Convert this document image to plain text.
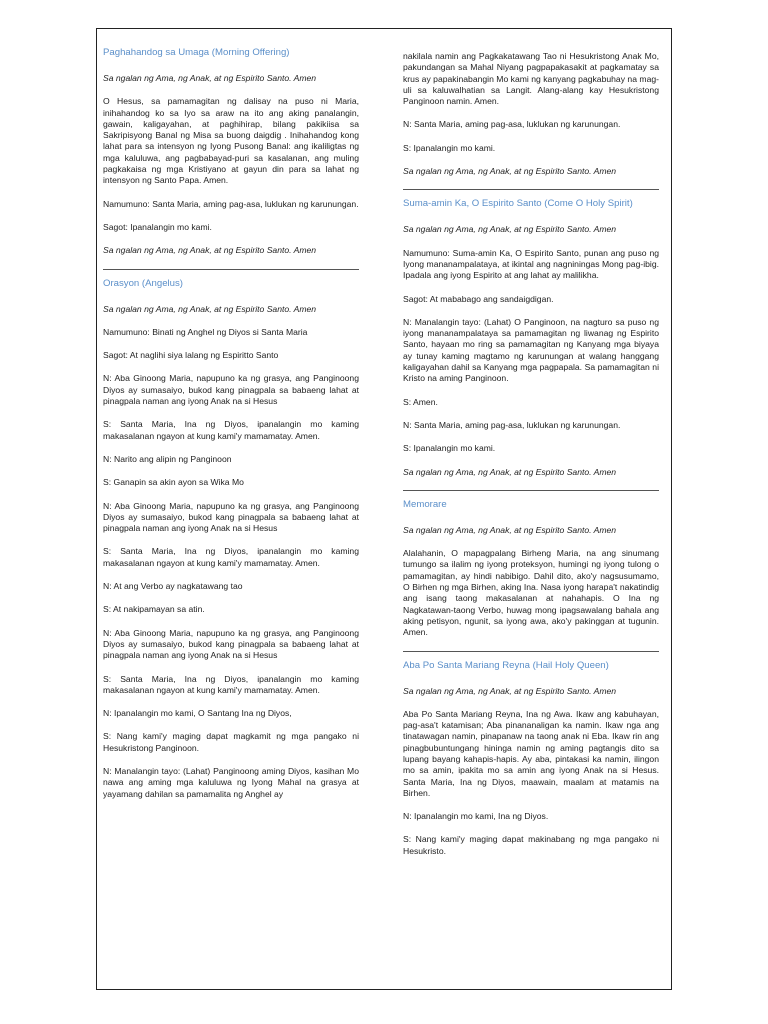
Paghahandog sa Umaga (Morning Offering)
Sa ngalan ng Ama, ng Anak, at ng Espirito Santo. Amen
O Hesus, sa pamamagitan ng dalisay na puso ni Maria, inihahandog ko sa Iyo sa araw na ito ang aking panalangin, gawain, kaligayahan, at paghihirap, bilang pakikiisa sa Sakripisyong Banal ng Misa sa buong daigdig . Inihahandog kong lahat para sa intensyon ng Iyong Pusong Banal: ang ikaliligtas ng mga kaluluwa, ang pagbabayad-puri sa kasalanan, ang muling pagkakaisa ng mga Kristiyano at gayun din para sa lahat ng intensyon ng Santo Papa. Amen.
Namumuno: Santa Maria, aming pag-asa, luklukan ng karunungan.
Sagot: Ipanalangin mo kami.
Sa ngalan ng Ama, ng Anak, at ng Espirito Santo. Amen
Orasyon (Angelus)
Sa ngalan ng Ama, ng Anak, at ng Espirito Santo. Amen
Namumuno: Binati ng Anghel ng Diyos si Santa Maria
Sagot: At naglihi siya lalang ng Espiritto Santo
N: Aba Ginoong Maria, napupuno ka ng grasya, ang Panginoong Diyos ay sumasaiyo, bukod kang pinagpala sa babaeng lahat at pinagpala naman ang iyong Anak na si Hesus
S: Santa Maria, Ina ng Diyos, ipanalangin mo kaming makasalanan ngayon at kung kami'y mamamatay. Amen.
N: Narito ang alipin ng Panginoon
S: Ganapin sa akin ayon sa Wika Mo
N: Aba Ginoong Maria, napupuno ka ng grasya, ang Panginoong Diyos ay sumasaiyo, bukod kang pinagpala sa babaeng lahat at pinagpala naman ang iyong Anak na si Hesus
S: Santa Maria, Ina ng Diyos, ipanalangin mo kaming makasalanan ngayon at kung kami'y mamamatay. Amen.
N: At ang Verbo ay nagkatawang tao
S: At nakipamayan sa atin.
N: Aba Ginoong Maria, napupuno ka ng grasya, ang Panginoong Diyos ay sumasaiyo, bukod kang pinagpala sa babaeng lahat at pinagpala naman ang iyong Anak na si Hesus
S: Santa Maria, Ina ng Diyos, ipanalangin mo kaming makasalanan ngayon at kung kami'y mamamatay. Amen.
N: Ipanalangin mo kami, O Santang Ina ng Diyos,
S: Nang kami'y maging dapat magkamit ng mga pangako ni Hesukristong Panginoon.
N: Manalangin tayo: (Lahat) Panginoong aming Diyos, kasihan Mo nawa ang aming mga kaluluwa ng Iyong Mahal na grasya at yayamang dahilan sa pamamalita ng Anghel ay
nakilala namin ang Pagkakatawang Tao ni Hesukristong Anak Mo, pakundangan sa Mahal Niyang pagpapakasakit at pagkamatay sa krus ay papakinabangin Mo kami ng kanyang pagkabuhay na mag-uli sa kaluwalhatian sa Langit. Alang-alang kay Hesukristong Panginoon namin. Amen.
N: Santa Maria, aming pag-asa, luklukan ng karunungan.
S: Ipanalangin mo kami.
Sa ngalan ng Ama, ng Anak, at ng Espirito Santo. Amen
Suma-amin Ka, O Espirito Santo (Come O Holy Spirit)
Sa ngalan ng Ama, ng Anak, at ng Espirito Santo. Amen
Namumuno: Suma-amin Ka, O Espirito Santo, punan ang puso ng Iyong mananampalataya, at ikintal ang nagniningas Mong pag-ibig. Ipadala ang iyong Espirito at ang lahat ay malilikha.
Sagot: At mababago ang sandaigdigan.
N: Manalangin tayo: (Lahat) O Panginoon, na nagturo sa puso ng iyong mananampalataya sa pamamagitan ng liwanag ng Espirito Santo, hayaan mo ring sa pamamagitan ng Kanyang mga biyaya ay tunay kaming magtamo ng karunungan at walang hanggang kaligayahan dahil sa Kanyang mga pagpapala. Sa pamamagitan ni Kristo na aming Panginoon.
S: Amen.
N: Santa Maria, aming pag-asa, luklukan ng karunungan.
S: Ipanalangin mo kami.
Sa ngalan ng Ama, ng Anak, at ng Espirito Santo. Amen
Memorare
Sa ngalan ng Ama, ng Anak, at ng Espirito Santo. Amen
Alalahanin, O mapagpalang Birheng Maria, na ang sinumang tumungo sa ilalim ng iyong proteksyon, humingi ng iyong tulong o pamamagitan, ay hindi nabibigo. Dahil dito, ako'y nagsusumamo, O Birhen ng mga Birhen, aking Ina. Nasa iyong harapa't nakatindig ang isang taong makasalanan at nahahapis. O Ina ng Nagkatawan-taong Verbo, huwag mong ipagsawalang bahala ang aking petisyon, ngunit, sa iyong awa, ako'y pakinggan at tugunin. Amen.
Aba Po Santa Mariang Reyna (Hail Holy Queen)
Sa ngalan ng Ama, ng Anak, at ng Espirito Santo. Amen
Aba Po Santa Mariang Reyna, Ina ng Awa. Ikaw ang kabuhayan, pag-asa't katamisan; Aba pinananaligan ka namin. Ikaw nga ang tinatawagan namin, pinapanaw na taong anak ni Eba. Ikaw rin ang pinagbubuntungang hininga namin ng aming pagtangis dito sa lupang bayang kahapis-hapis. Ay aba, pintakasi ka namin, ilingon mo sa amin, ipakita mo sa amin ang iyong Anak na si Hesus. Santa Maria, Ina ng Diyos, maawain, maalam at matamis na Birhen.
N: Ipanalangin mo kami, Ina ng Diyos.
S: Nang kami'y maging dapat makinabang ng mga pangako ni Hesukristo.
